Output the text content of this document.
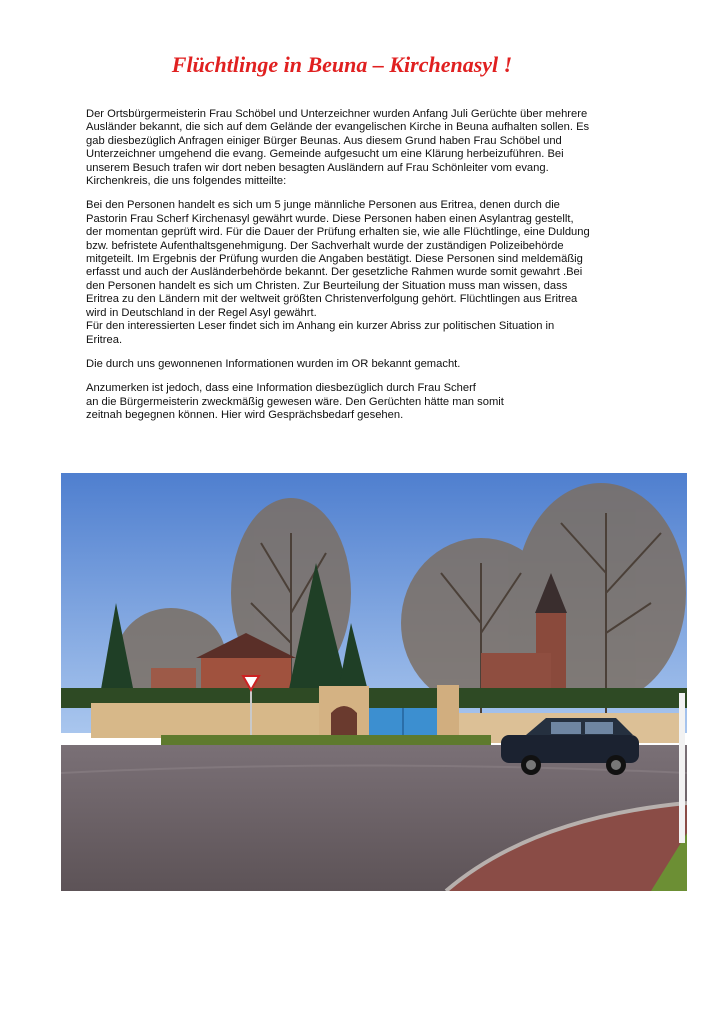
Flüchtlinge in Beuna – Kirchenasyl !

Der Ortsbürgermeisterin Frau Schöbel und Unterzeichner wurden Anfang Juli Gerüchte über mehrere
Ausländer bekannt, die sich auf dem Gelände der evangelischen Kirche in Beuna aufhalten sollen. Es
gab diesbezüglich Anfragen einiger Bürger Beunas. Aus diesem Grund haben Frau Schöbel und
Unterzeichner umgehend die evang. Gemeinde aufgesucht um eine Klärung herbeizuführen. Bei
unserem Besuch trafen wir dort neben besagten Ausländern auf Frau Schönleiter vom evang.
Kirchenkreis, die uns folgendes mitteilte:

Bei den Personen handelt es sich um 5 junge männliche Personen aus Eritrea, denen durch die
Pastorin Frau Scherf Kirchenasyl gewährt wurde. Diese Personen haben einen Asylantrag gestellt,
der momentan geprüft wird. Für die Dauer der Prüfung erhalten sie, wie alle Flüchtlinge, eine Duldung
bzw. befristete Aufenthaltsgenehmigung. Der Sachverhalt wurde der zuständigen Polizeibehörde
mitgeteilt. Im Ergebnis der Prüfung wurden die Angaben bestätigt. Diese Personen sind meldemäßig
erfasst und auch der Ausländerbehörde bekannt. Der gesetzliche Rahmen wurde somit gewahrt .Bei
den Personen handelt es sich um Christen. Zur Beurteilung der Situation muss man wissen, dass
Eritrea zu den Ländern mit der weltweit größten Christenverfolgung gehört. Flüchtlingen aus Eritrea
wird in Deutschland in der Regel Asyl gewährt.
Für den interessierten Leser findet sich im Anhang ein kurzer Abriss zur politischen Situation in
Eritrea.

Die durch uns gewonnenen Informationen wurden im OR bekannt gemacht.

Anzumerken ist jedoch, dass eine Information diesbezüglich durch Frau Scherf
an die Bürgermeisterin zweckmäßig gewesen wäre. Den Gerüchten hätte man somit
zeitnah begegnen können. Hier wird Gesprächsbedarf gesehen.
